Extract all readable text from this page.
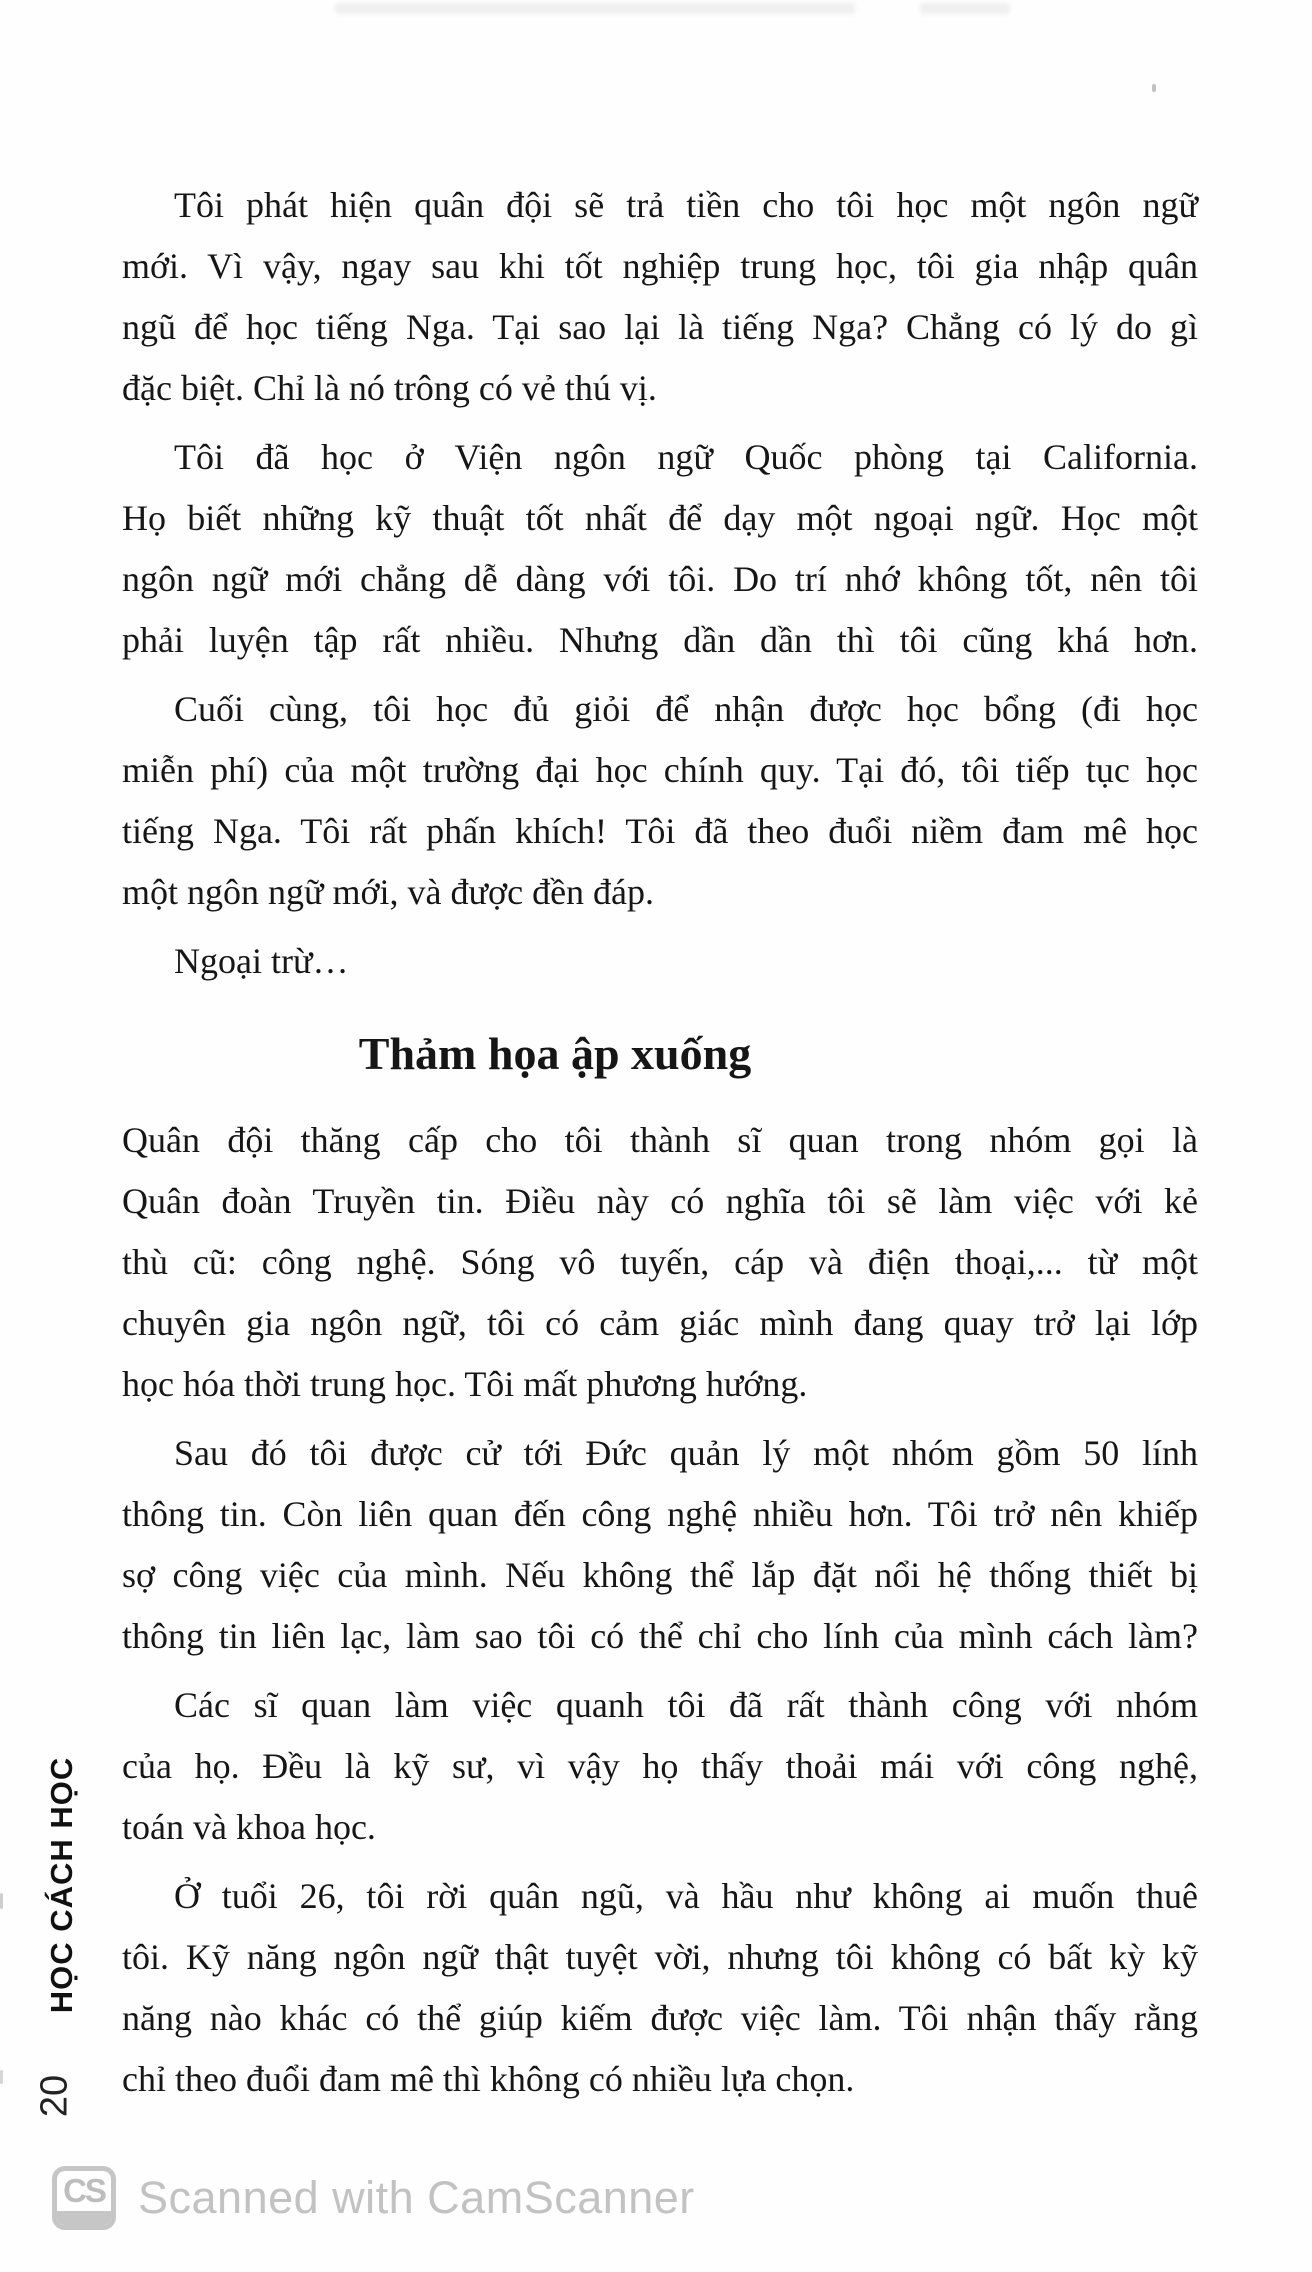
Tôi phát hiện quân đội sẽ trả tiền cho tôi học một ngôn ngữ
mới. Vì vậy, ngay sau khi tốt nghiệp trung học, tôi gia nhập quân
ngũ để học tiếng Nga. Tại sao lại là tiếng Nga? Chẳng có lý do gì
đặc biệt. Chỉ là nó trông có vẻ thú vị.
Tôi đã học ở Viện ngôn ngữ Quốc phòng tại California.
Họ biết những kỹ thuật tốt nhất để dạy một ngoại ngữ. Học một
ngôn ngữ mới chẳng dễ dàng với tôi. Do trí nhớ không tốt, nên tôi
phải luyện tập rất nhiều. Nhưng dần dần thì tôi cũng khá hơn.
Cuối cùng, tôi học đủ giỏi để nhận được học bổng (đi học
miễn phí) của một trường đại học chính quy. Tại đó, tôi tiếp tục học
tiếng Nga. Tôi rất phấn khích! Tôi đã theo đuổi niềm đam mê học
một ngôn ngữ mới, và được đền đáp.
Ngoại trừ…
Thảm họa ập xuống
Quân đội thăng cấp cho tôi thành sĩ quan trong nhóm gọi là
Quân đoàn Truyền tin. Điều này có nghĩa tôi sẽ làm việc với kẻ
thù cũ: công nghệ. Sóng vô tuyến, cáp và điện thoại,... từ một
chuyên gia ngôn ngữ, tôi có cảm giác mình đang quay trở lại lớp
học hóa thời trung học. Tôi mất phương hướng.
Sau đó tôi được cử tới Đức quản lý một nhóm gồm 50 lính
thông tin. Còn liên quan đến công nghệ nhiều hơn. Tôi trở nên khiếp
sợ công việc của mình. Nếu không thể lắp đặt nổi hệ thống thiết bị
thông tin liên lạc, làm sao tôi có thể chỉ cho lính của mình cách làm?
Các sĩ quan làm việc quanh tôi đã rất thành công với nhóm
của họ. Đều là kỹ sư, vì vậy họ thấy thoải mái với công nghệ,
toán và khoa học.
Ở tuổi 26, tôi rời quân ngũ, và hầu như không ai muốn thuê
tôi. Kỹ năng ngôn ngữ thật tuyệt vời, nhưng tôi không có bất kỳ kỹ
năng nào khác có thể giúp kiếm được việc làm. Tôi nhận thấy rằng
chỉ theo đuổi đam mê thì không có nhiều lựa chọn.
HỌC CÁCH HỌC
20
CS Scanned with CamScanner
